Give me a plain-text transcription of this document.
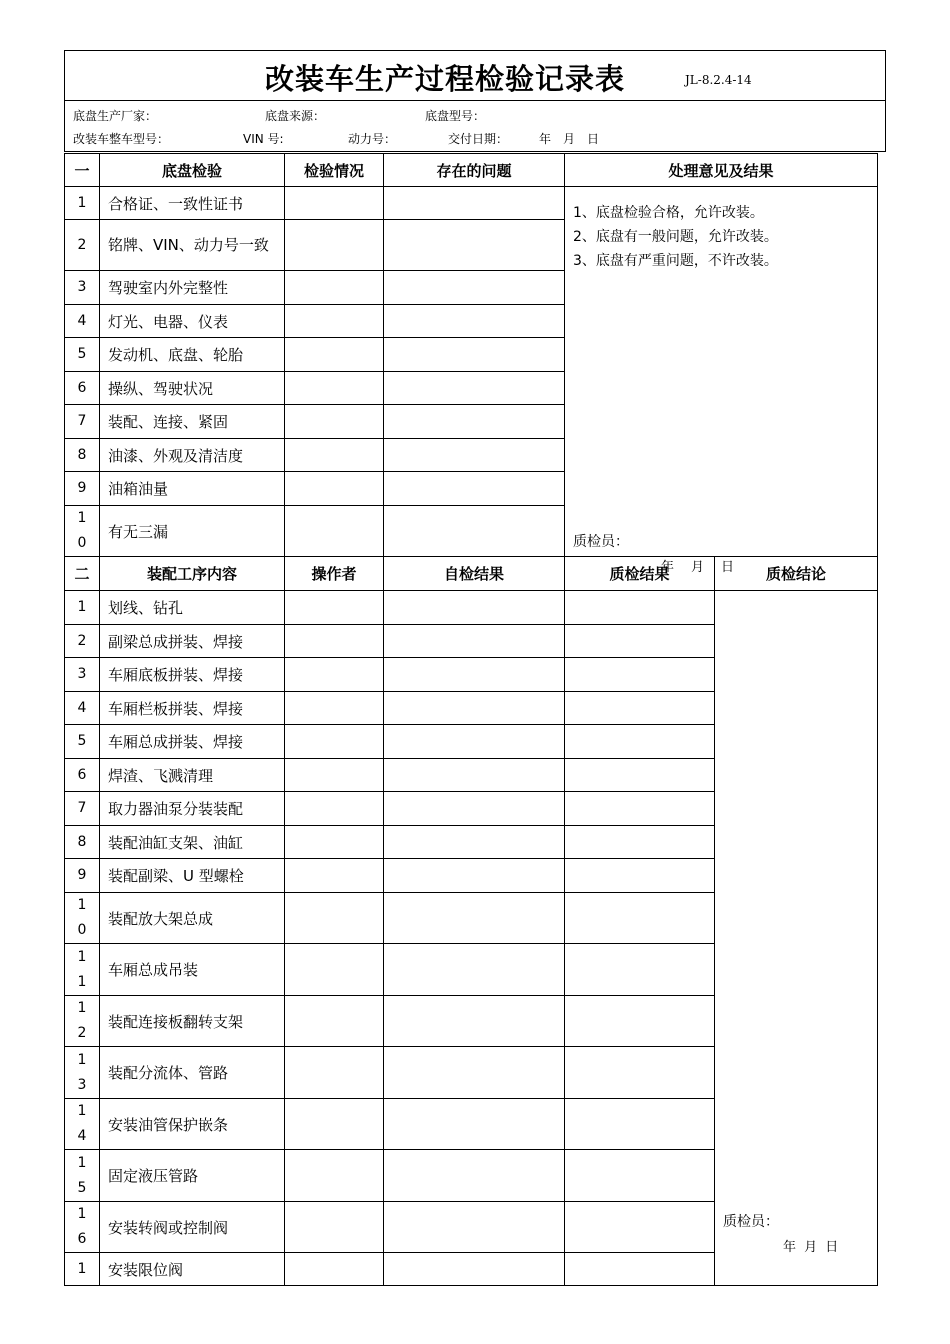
改装车生产过程检验记录表	JL-8.2.4-14
底盘生产厂家：	底盘来源：	底盘型号：
改装车整车型号：	VIN 号:	动力号：	交付日期：	年　月　日
一	底盘检验	检验情况	存在的问题	处理意见及结果
1	合格证、一致性证书			1、底盘检验合格，允许改装。
2、底盘有一般问题，允许改装。
3、底盘有严重问题，不许改装。
质检员：
年　月　日

2	铭牌、VIN、动力号一致			
3	驾驶室内外完整性			
4	灯光、电器、仪表			
5	发动机、底盘、轮胎			
6	操纵、驾驶状况			
7	装配、连接、紧固			
8	油漆、外观及清洁度			
9	油箱油量			
10	有无三漏			
二	装配工序内容	操作者	自检结果	质检结果	质检结论
1	划线、钻孔				质检员：
年 月 日

2	副梁总成拼装、焊接				
3	车厢底板拼装、焊接				
4	车厢栏板拼装、焊接				
5	车厢总成拼装、焊接				
6	焊渣、飞溅清理				
7	取力器油泵分装装配				
8	装配油缸支架、油缸				
9	装配副梁、U 型螺栓				
10	装配放大架总成				
11	车厢总成吊装				
12	装配连接板翻转支架				
13	装配分流体、管路				
14	安装油管保护嵌条				
15	固定液压管路				
16	安装转阀或控制阀				
1	安装限位阀				
